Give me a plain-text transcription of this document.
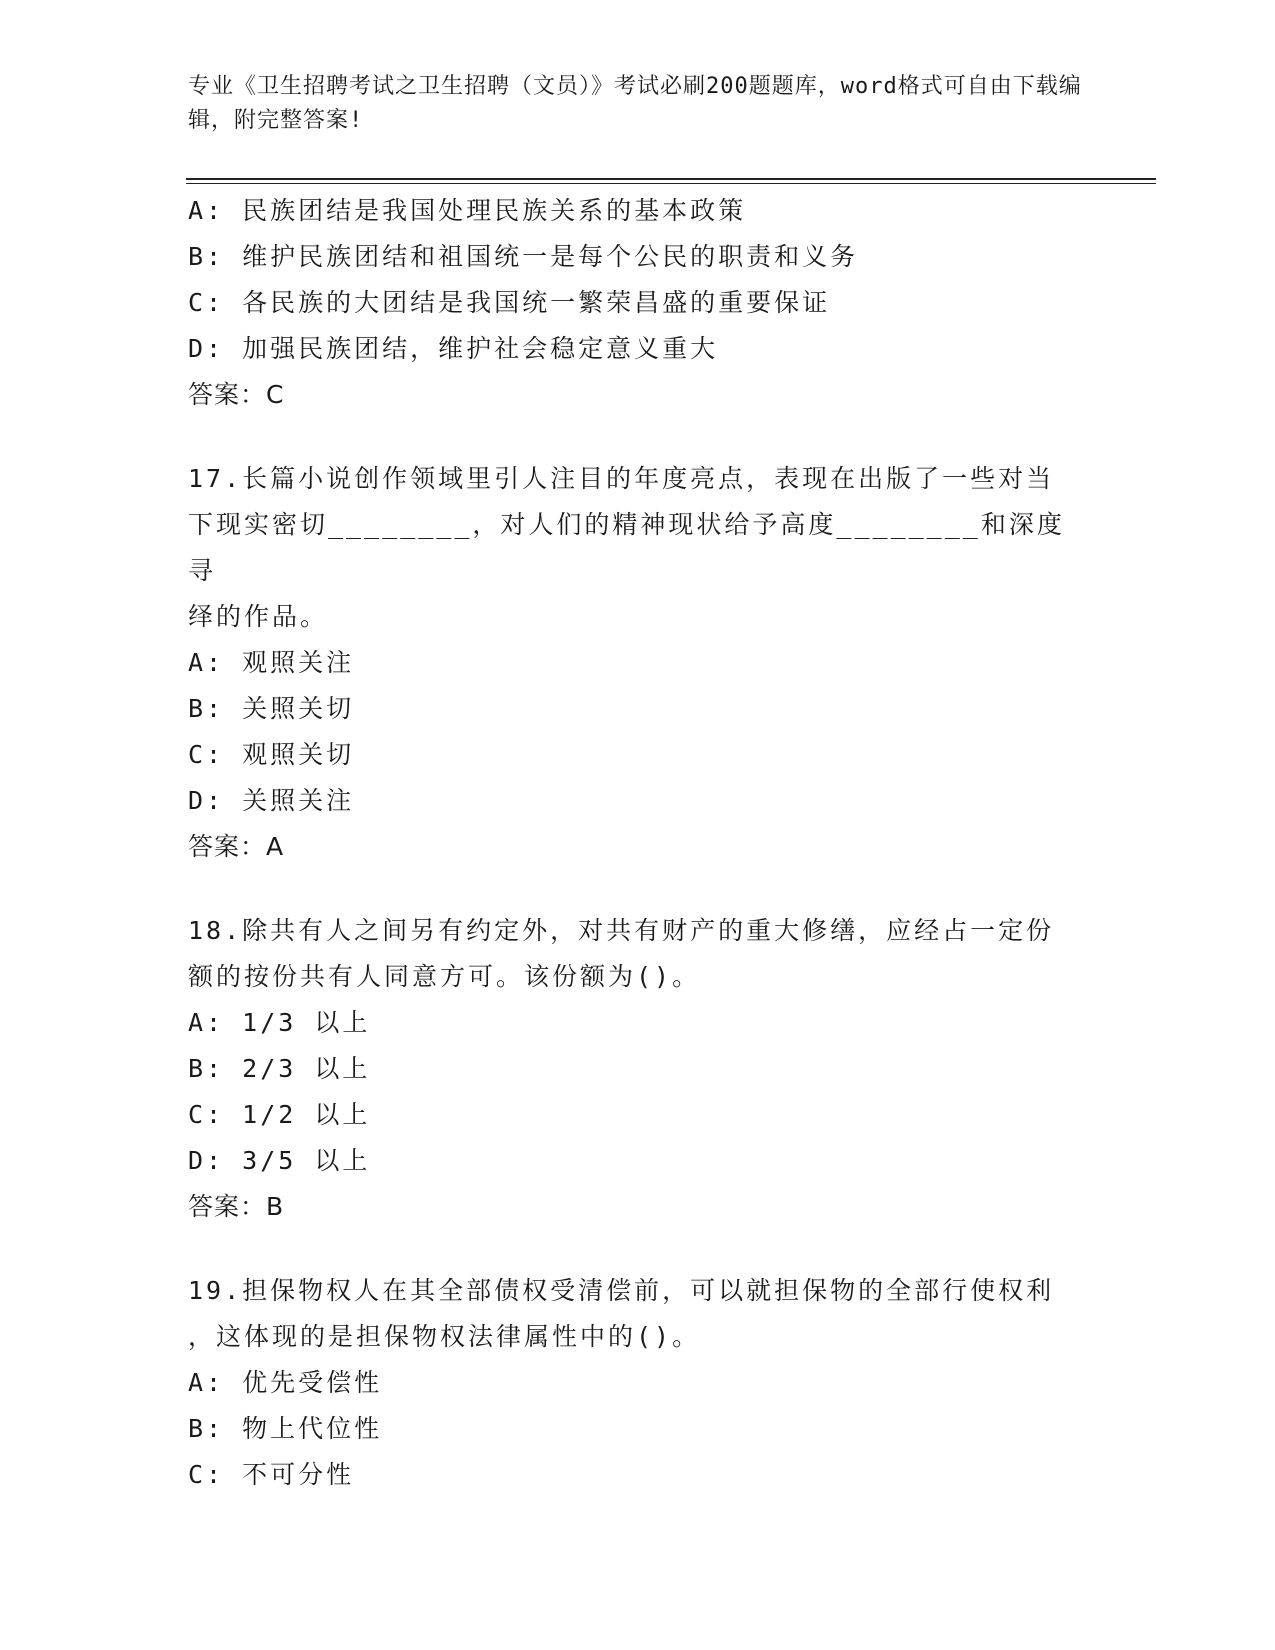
专业《卫生招聘考试之卫生招聘（文员）》考试必刷200题题库，word格式可自由下载编辑，附完整答案!
A: 民族团结是我国处理民族关系的基本政策
B: 维护民族团结和祖国统一是每个公民的职责和义务
C: 各民族的大团结是我国统一繁荣昌盛的重要保证
D: 加强民族团结，维护社会稳定意义重大
答案：C
17.长篇小说创作领域里引人注目的年度亮点，表现在出版了一些对当
下现实密切________，对人们的精神现状给予高度________和深度寻
绎的作品。
A: 观照关注
B: 关照关切
C: 观照关切
D: 关照关注
答案：A
18.除共有人之间另有约定外，对共有财产的重大修缮，应经占一定份
额的按份共有人同意方可。该份额为()。
A: 1/3 以上
B: 2/3 以上
C: 1/2 以上
D: 3/5 以上
答案：B
19.担保物权人在其全部债权受清偿前，可以就担保物的全部行使权利
，这体现的是担保物权法律属性中的()。
A: 优先受偿性
B: 物上代位性
C: 不可分性
